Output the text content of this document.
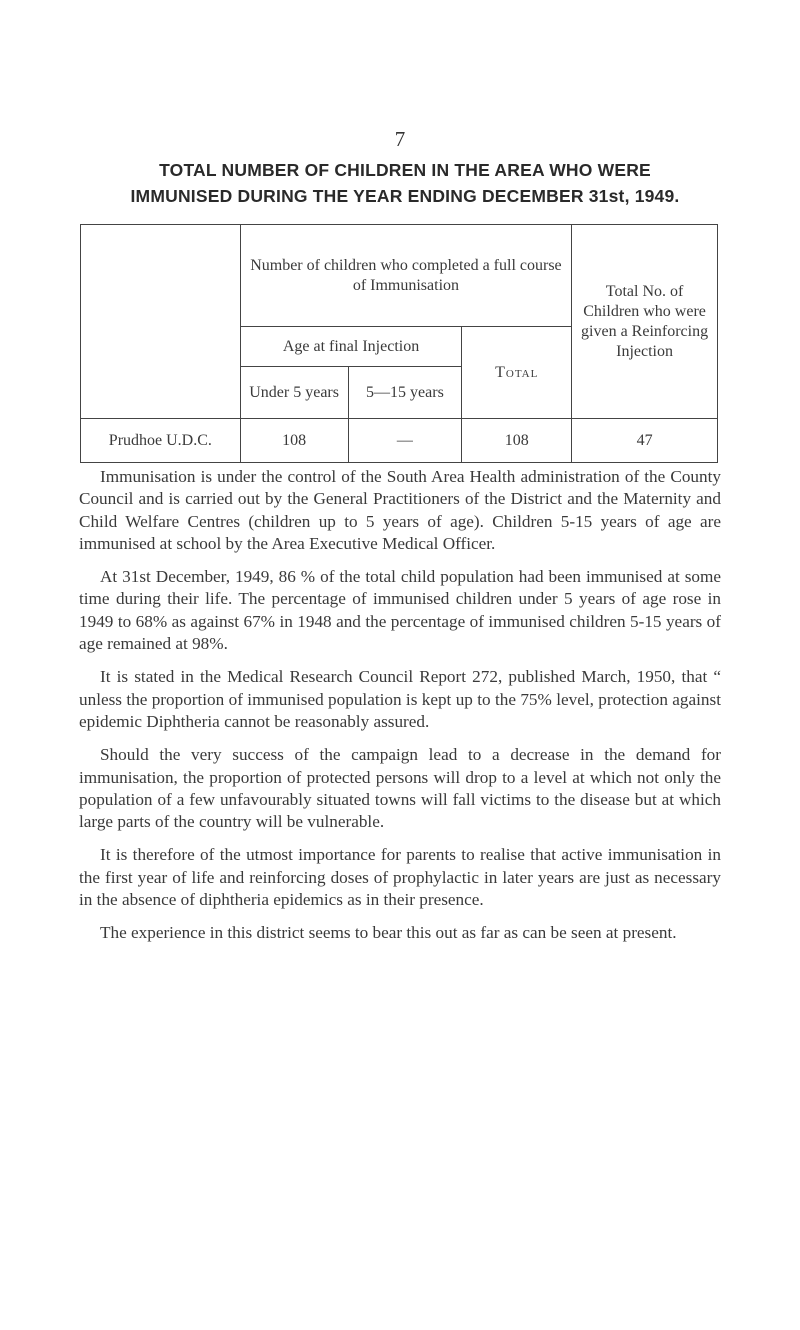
7
TOTAL NUMBER OF CHILDREN IN THE AREA WHO WERE
IMMUNISED DURING THE YEAR ENDING DECEMBER 31st, 1949.
	Number of children who completed a full course of Immunisation			Total No. of Children who were given a Reinforcing Injection
	Age at final Injection		Total	
	Under 5 years	5—15 years		
Prudhoe U.D.C.	108	—	108	47

Immunisation is under the control of the South Area Health administration of the County Council and is carried out by the General Practitioners of the District and the Maternity and Child Welfare Centres (children up to 5 years of age). Children 5-15 years of age are immunised at school by the Area Executive Medical Officer.

At 31st December, 1949, 86 % of the total child population had been immunised at some time during their life. The percentage of immunised children under 5 years of age rose in 1949 to 68% as against 67% in 1948 and the percentage of immunised children 5-15 years of age remained at 98%.

It is stated in the Medical Research Council Report 272, published March, 1950, that “ unless the proportion of immunised population is kept up to the 75% level, protection against epidemic Diphtheria cannot be reasonably assured.

Should the very success of the campaign lead to a decrease in the demand for immunisation, the proportion of protected persons will drop to a level at which not only the population of a few unfavourably situated towns will fall victims to the disease but at which large parts of the country will be vulnerable.

It is therefore of the utmost importance for parents to realise that active immunisation in the first year of life and reinforcing doses of prophylactic in later years are just as necessary in the absence of diphtheria epidemics as in their presence.

The experience in this district seems to bear this out as far as can be seen at present.
